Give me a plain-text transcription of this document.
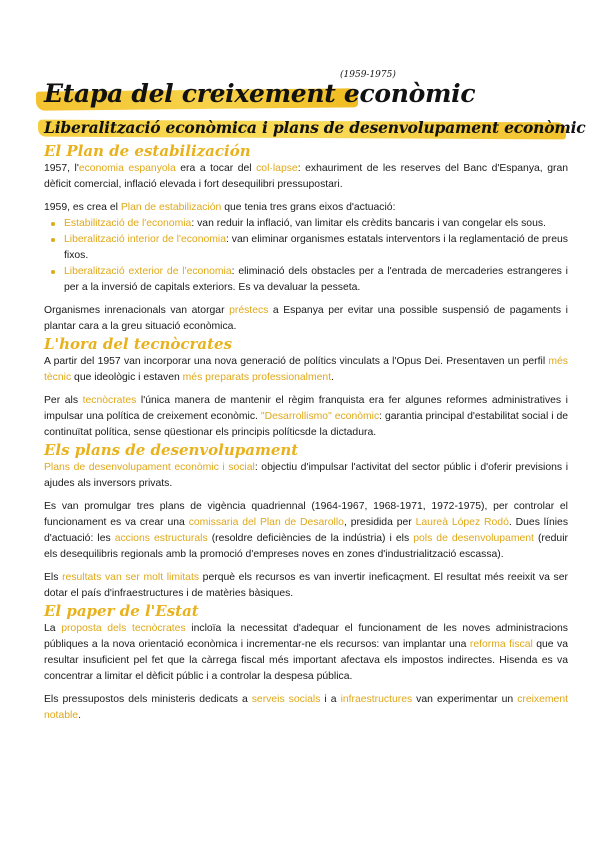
(1959-1975)
Etapa del creixement econòmic
Liberalització econòmica i plans de desenvolupament econòmic
El Plan de estabilización

1957, l'economia espanyola era a tocar del col·lapse: exhauriment de les reserves del Banc d'Espanya, gran dèficit comercial, inflació elevada i fort desequilibri pressupostari.

1959, es crea el Plan de estabilización que tenia tres grans eixos d'actuació:

Estabilització de l'economia: van reduir la inflació, van limitar els crèdits bancaris i van congelar els sous.
Liberalització interior de l'economia: van eliminar organismes estatals interventors i la reglamentació de preus fixos.
Liberalització exterior de l'economia: eliminació dels obstacles per a l'entrada de mercaderies estrangeres i per a la inversió de capitals exteriors. Es va devaluar la pesseta.

Organismes inrenacionals van atorgar préstecs a Espanya per evitar una possible suspensió de pagaments i plantar cara a la greu situació econòmica.

L'hora del tecnòcrates

A partir del 1957 van incorporar una nova generació de polítics vinculats a l'Opus Dei. Presentaven un perfil més tècnic que ideològic i estaven més preparats professionalment.

Per als tecnòcrates l'única manera de mantenir el règim franquista era fer algunes reformes administratives i impulsar una política de creixement econòmic. "Desarrollismo" econòmic: garantia principal d'estabilitat social i de continuïtat política, sense qüestionar els principis políticsde la dictadura.

Els plans de desenvolupament

Plans de desenvolupament econòmic i social: objectiu d'impulsar l'activitat del sector públic i d'oferir previsions i ajudes als inversors privats.

Es van promulgar tres plans de vigència quadriennal (1964-1967, 1968-1971, 1972-1975), per controlar el funcionament es va crear una comissaria del Plan de Desarollo, presidida per Laureà López Rodó. Dues línies d'actuació: les accions estructurals (resoldre deficiències de la indústria) i els pols de desenvolupament (reduir els desequilibris regionals amb la promoció d'empreses noves en zones d'industrialització escassa).

Els resultats van ser molt limitats perquè els recursos es van invertir ineficaçment. El resultat més reeixit va ser dotar el país d'infraestructures i de matèries bàsiques.

El paper de l'Estat

La proposta dels tecnòcrates incloïa la necessitat d'adequar el funcionament de les noves administracions públiques a la nova orientació econòmica i incrementar-ne els recursos: van implantar una reforma fiscal que va resultar insuficient pel fet que la càrrega fiscal més important afectava els impostos indirectes. Hisenda es va concentrar a limitar el dèficit públic i a controlar la despesa pública.

Els pressupostos dels ministeris dedicats a serveis socials i a infraestructures van experimentar un creixement notable.
